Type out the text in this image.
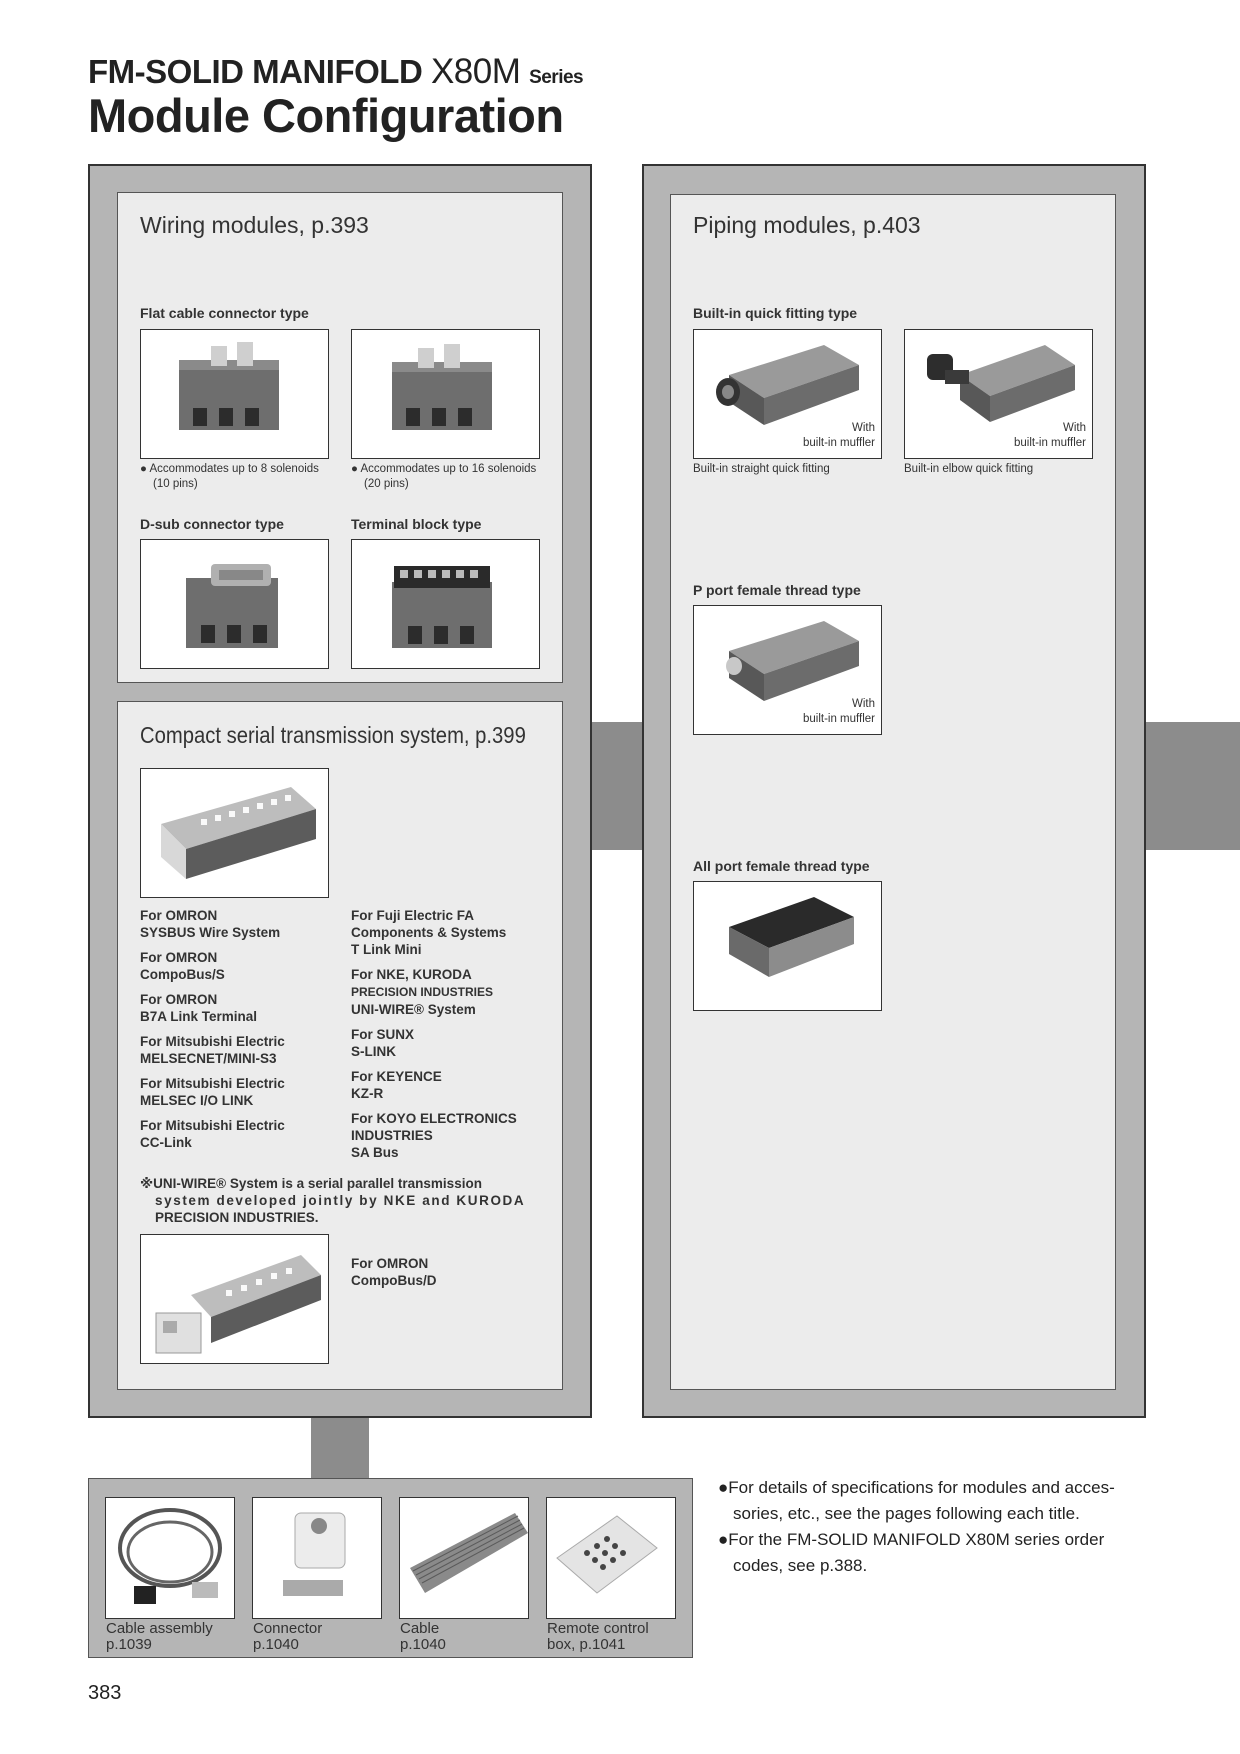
FM-SOLID MANIFOLD X80M Series
Module Configuration
Wiring modules, p.393
Flat cable connector type
● Accommodates up to 8 solenoids
(10 pins)
● Accommodates up to 16 solenoids
(20 pins)
D-sub connector type	Terminal block type
Compact serial transmission system, p.399
For OMRON
SYSBUS Wire System
For OMRON
CompoBus/S
For OMRON
B7A Link Terminal
For Mitsubishi Electric
MELSECNET/MINI-S3
For Mitsubishi Electric
MELSEC I/O LINK
For Mitsubishi Electric
CC-Link
For Fuji Electric FA
Components & Systems
T Link Mini
For NKE, KURODA
PRECISION INDUSTRIES
UNI-WIRE® System
For SUNX
S-LINK
For KEYENCE
KZ-R
For KOYO ELECTRONICS
INDUSTRIES
SA Bus
※UNI-WIRE® System is a serial parallel transmission
system developed jointly by NKE and KURODA
PRECISION INDUSTRIES.
For OMRON
CompoBus/D
Piping modules, p.403
Built-in quick fitting type
With
built-in muffler
With
built-in muffler
Built-in straight quick fitting	Built-in elbow quick fitting
P port female thread type
With
built-in muffler
All port female thread type
Cable assembly
p.1039
Connector
p.1040
Cable
p.1040
Remote control
box, p.1041
●For details of specifications for modules and acces-
sories, etc., see the pages following each title.
●For the FM-SOLID MANIFOLD X80M series order
codes, see p.388.
383
